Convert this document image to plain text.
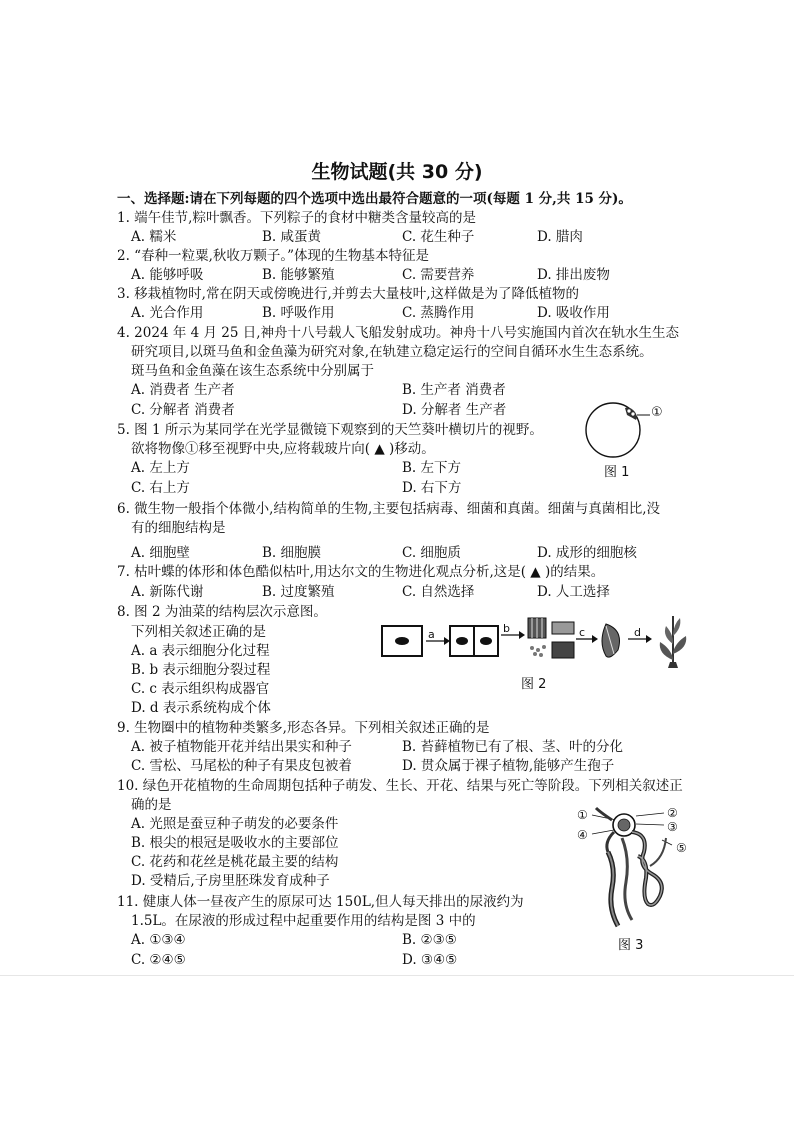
生物试题(共 30 分)
一、选择题:请在下列每题的四个选项中选出最符合题意的一项(每题 1 分,共 15 分)。
1. 端午佳节,粽叶飘香。下列粽子的食材中糖类含量较高的是
A. 糯米	B. 咸蛋黄	C. 花生种子	D. 腊肉
2. “春种一粒粟,秋收万颗子。”体现的生物基本特征是
A. 能够呼吸	B. 能够繁殖	C. 需要营养	D. 排出废物
3. 移栽植物时,常在阴天或傍晚进行,并剪去大量枝叶,这样做是为了降低植物的
A. 光合作用	B. 呼吸作用	C. 蒸腾作用	D. 吸收作用
4. 2024 年 4 月 25 日,神舟十八号载人飞船发射成功。神舟十八号实施国内首次在轨水生生态
研究项目,以斑马鱼和金鱼藻为研究对象,在轨建立稳定运行的空间自循环水生生态系统。
斑马鱼和金鱼藻在该生态系统中分别属于
A. 消费者 生产者	B. 生产者 消费者
C. 分解者 消费者	D. 分解者 生产者
5. 图 1 所示为某同学在光学显微镜下观察到的天竺葵叶横切片的视野。
欲将物像①移至视野中央,应将载玻片向( ▲ )移动。
A. 左上方	B. 左下方
C. 右上方	D. 右下方
①
图 1
6. 微生物一般指个体微小,结构简单的生物,主要包括病毒、细菌和真菌。细菌与真菌相比,没
有的细胞结构是
A. 细胞壁	B. 细胞膜	C. 细胞质	D. 成形的细胞核
7. 枯叶蝶的体形和体色酷似枯叶,用达尔文的生物进化观点分析,这是( ▲ )的结果。
A. 新陈代谢	B. 过度繁殖	C. 自然选择	D. 人工选择
8. 图 2 为油菜的结构层次示意图。
下列相关叙述正确的是
A. a 表示细胞分化过程
B. b 表示细胞分裂过程
C. c 表示组织构成器官
D. d 表示系统构成个体
a	b	c	d
图 2
9. 生物圈中的植物种类繁多,形态各异。下列相关叙述正确的是
A. 被子植物能开花并结出果实和种子	B. 苔藓植物已有了根、茎、叶的分化
C. 雪松、马尾松的种子有果皮包被着	D. 贯众属于裸子植物,能够产生孢子
10. 绿色开花植物的生命周期包括种子萌发、生长、开花、结果与死亡等阶段。下列相关叙述正
确的是
A. 光照是蚕豆种子萌发的必要条件
B. 根尖的根冠是吸收水的主要部位
C. 花药和花丝是桃花最主要的结构
D. 受精后,子房里胚珠发育成种子
①	②
③
④
⑤
图 3
11. 健康人体一昼夜产生的原尿可达 150L,但人每天排出的尿液约为
1.5L。在尿液的形成过程中起重要作用的结构是图 3 中的
A. ①③④	B. ②③⑤
C. ②④⑤	D. ③④⑤
